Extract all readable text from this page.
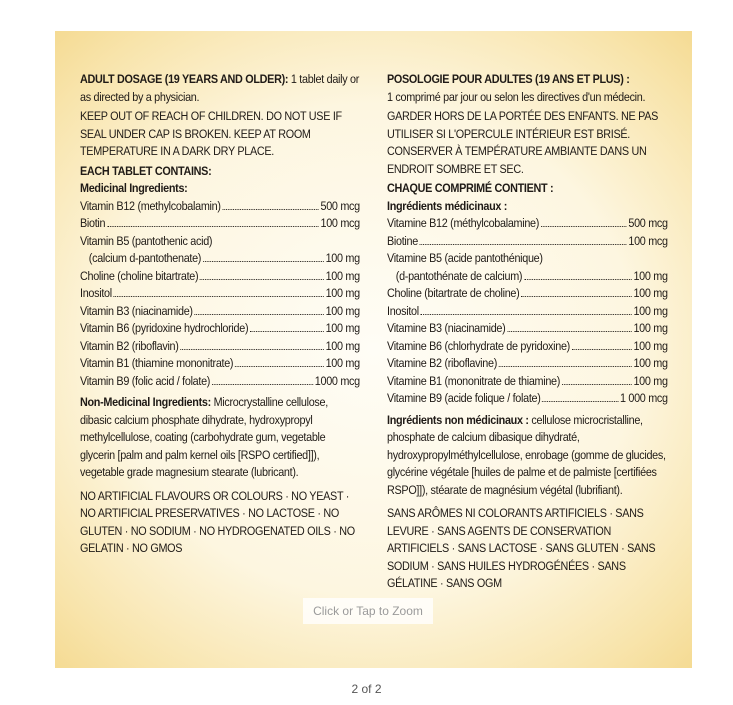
ADULT DOSAGE (19 YEARS AND OLDER): 1 tablet daily or as directed by a physician.

KEEP OUT OF REACH OF CHILDREN. DO NOT USE IF SEAL UNDER CAP IS BROKEN. KEEP AT ROOM TEMPERATURE IN A DARK DRY PLACE.

EACH TABLET CONTAINS:
Medicinal Ingredients:
Vitamin B12 (methylcobalamin)	500 mcg
Biotin	100 mcg
Vitamin B5 (pantothenic acid)
(calcium d-pantothenate)	100 mg
Choline (choline bitartrate)	100 mg
Inositol	100 mg
Vitamin B3 (niacinamide)	100 mg
Vitamin B6 (pyridoxine hydrochloride)	100 mg
Vitamin B2 (riboflavin)	100 mg
Vitamin B1 (thiamine mononitrate)	100 mg
Vitamin B9 (folic acid / folate)	1000 mcg

Non-Medicinal Ingredients: Microcrystalline cellulose, dibasic calcium phosphate dihydrate, hydroxypropyl methylcellulose, coating (carbohydrate gum, vegetable glycerin [palm and palm kernel oils [RSPO certified]]), vegetable grade magnesium stearate (lubricant).

NO ARTIFICIAL FLAVOURS OR COLOURS · NO YEAST · NO ARTIFICIAL PRESERVATIVES · NO LACTOSE · NO GLUTEN · NO SODIUM · NO HYDROGENATED OILS · NO GELATIN · NO GMOS

POSOLOGIE POUR ADULTES (19 ANS ET PLUS) :

1 comprimé par jour ou selon les directives d'un médecin.

GARDER HORS DE LA PORTÉE DES ENFANTS. NE PAS UTILISER SI L'OPERCULE INTÉRIEUR EST BRISÉ. CONSERVER À TEMPÉRATURE AMBIANTE DANS UN ENDROIT SOMBRE ET SEC.

CHAQUE COMPRIMÉ CONTIENT :
Ingrédients médicinaux :
Vitamine B12 (méthylcobalamine)	500 mcg
Biotine	100 mcg
Vitamine B5 (acide pantothénique)
(d-pantothénate de calcium)	100 mg
Choline (bitartrate de choline)	100 mg
Inositol	100 mg
Vitamine B3 (niacinamide)	100 mg
Vitamine B6 (chlorhydrate de pyridoxine)	100 mg
Vitamine B2 (riboflavine)	100 mg
Vitamine B1 (mononitrate de thiamine)	100 mg
Vitamine B9 (acide folique / folate)	1 000 mcg

Ingrédients non médicinaux : cellulose microcristalline, phosphate de calcium dibasique dihydraté, hydroxypropylméthylcellulose, enrobage (gomme de glucides, glycérine végétale [huiles de palme et de palmiste [certifiées RSPO]]), stéarate de magnésium végétal (lubrifiant).

SANS ARÔMES NI COLORANTS ARTIFICIELS · SANS LEVURE · SANS AGENTS DE CONSERVATION ARTIFICIELS · SANS LACTOSE · SANS GLUTEN · SANS SODIUM · SANS HUILES HYDROGÉNÉES · SANS GÉLATINE · SANS OGM

Click or Tap to Zoom
2 of 2
